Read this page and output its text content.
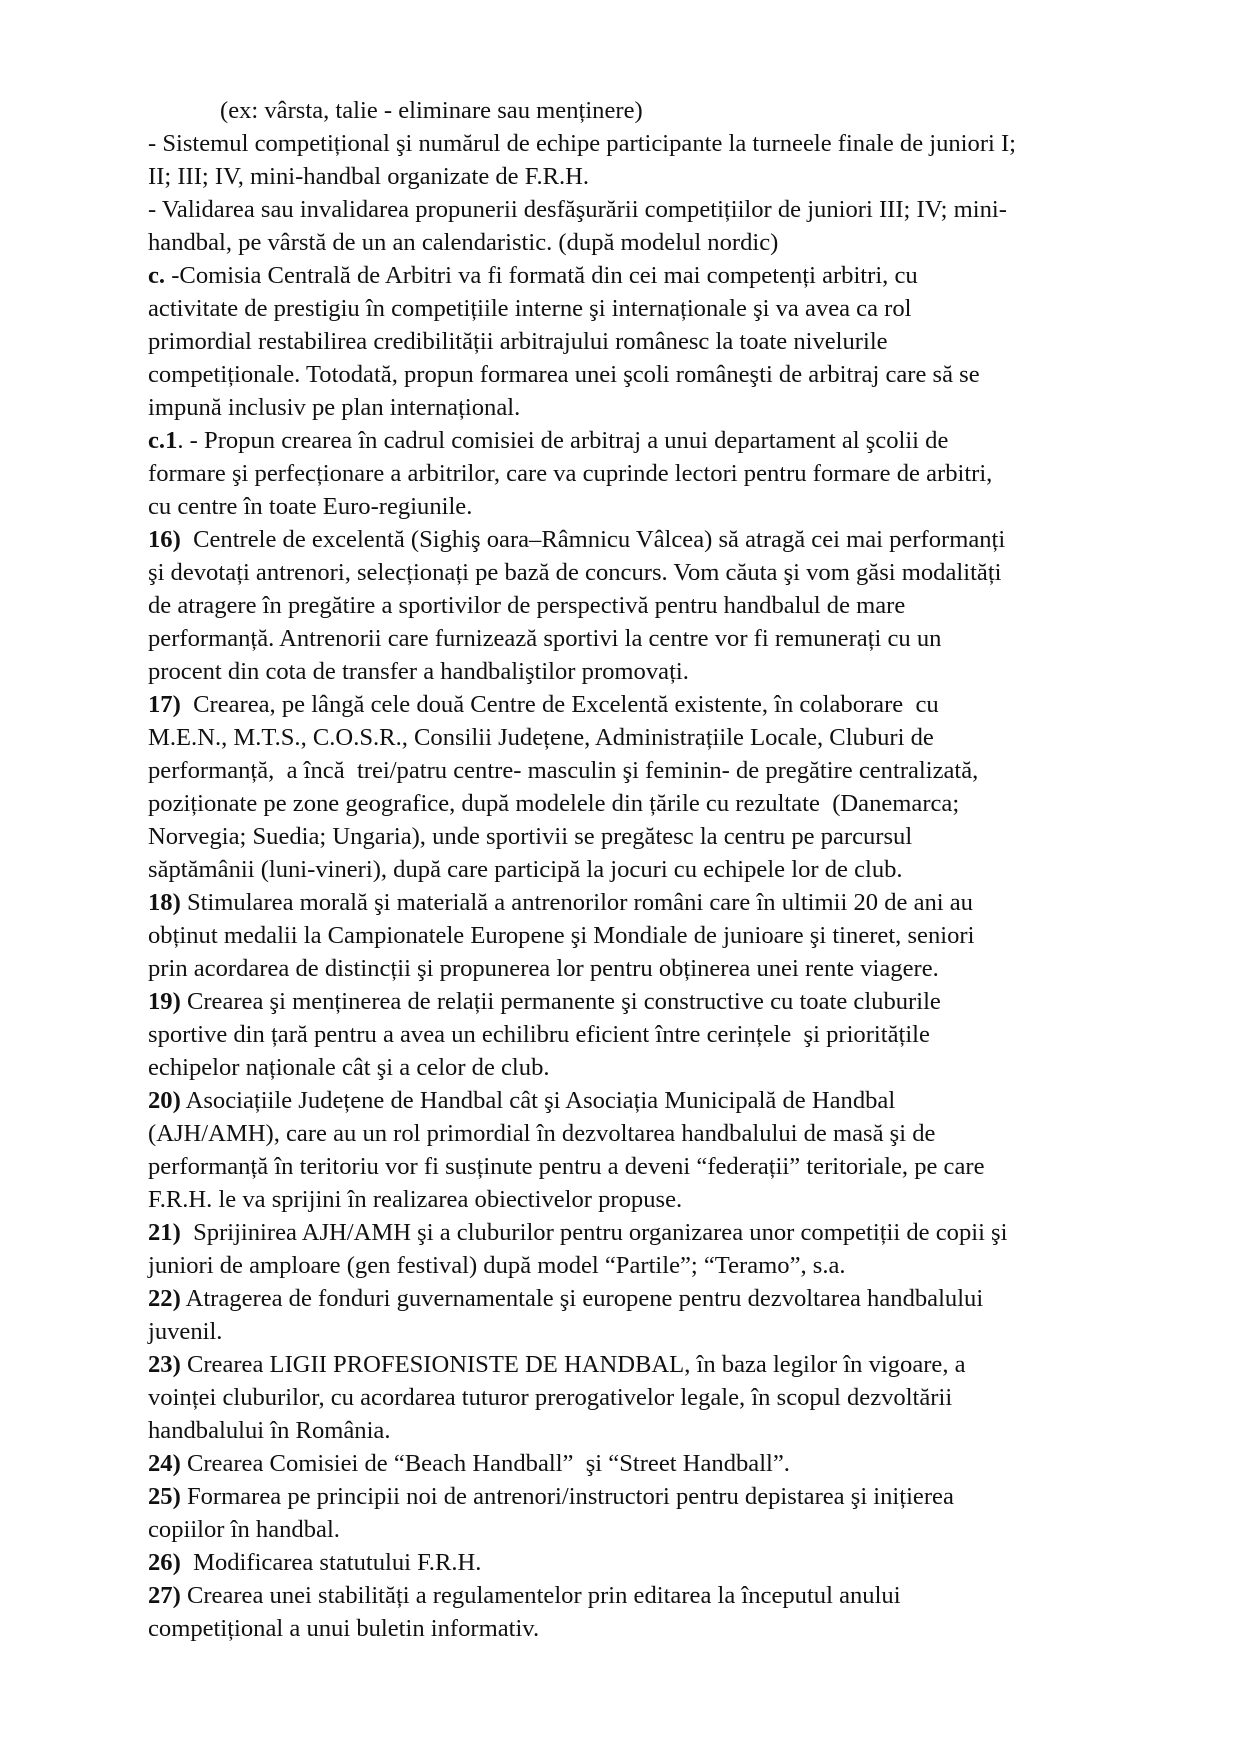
(ex: vârsta, talie - eliminare sau menținere)
- Sistemul competițional şi numărul de echipe participante la turneele finale de juniori I;
II; III; IV, mini-handbal organizate de F.R.H.
- Validarea sau invalidarea propunerii desfăşurării competițiilor de juniori III; IV; mini-
handbal, pe vârstă de un an calendaristic. (după modelul nordic)
c. -Comisia Centrală de Arbitri va fi formată din cei mai competenți arbitri, cu
activitate de prestigiu în competițiile interne şi internaționale şi va avea ca rol
primordial restabilirea credibilității arbitrajului românesc la toate nivelurile
competiționale. Totodată, propun formarea unei şcoli româneşti de arbitraj care să se
impună inclusiv pe plan internațional.
c.1. - Propun crearea în cadrul comisiei de arbitraj a unui departament al şcolii de
formare şi perfecționare a arbitrilor, care va cuprinde lectori pentru formare de arbitri,
cu centre în toate Euro-regiunile.
16)  Centrele de excelentă (Sighiş oara–Râmnicu Vâlcea) să atragă cei mai performanți
şi devotați antrenori, selecționați pe bază de concurs. Vom căuta şi vom găsi modalități
de atragere în pregătire a sportivilor de perspectivă pentru handbalul de mare
performanță. Antrenorii care furnizează sportivi la centre vor fi remunerați cu un
procent din cota de transfer a handbaliştilor promovați.
17)  Crearea, pe lângă cele două Centre de Excelentă existente, în colaborare  cu
M.E.N., M.T.S., C.O.S.R., Consilii Județene, Administrațiile Locale, Cluburi de
performanță,  a încă  trei/patru centre- masculin şi feminin- de pregătire centralizată,
poziționate pe zone geografice, după modelele din țările cu rezultate  (Danemarca;
Norvegia; Suedia; Ungaria), unde sportivii se pregătesc la centru pe parcursul
săptămânii (luni-vineri), după care participă la jocuri cu echipele lor de club.
18) Stimularea morală şi materială a antrenorilor români care în ultimii 20 de ani au
obținut medalii la Campionatele Europene şi Mondiale de junioare şi tineret, seniori
prin acordarea de distincții şi propunerea lor pentru obținerea unei rente viagere.
19) Crearea şi menținerea de relații permanente şi constructive cu toate cluburile
sportive din țară pentru a avea un echilibru eficient între cerințele  şi prioritățile
echipelor naționale cât şi a celor de club.
20) Asociațiile Județene de Handbal cât şi Asociația Municipală de Handbal
(AJH/AMH), care au un rol primordial în dezvoltarea handbalului de masă şi de
performanță în teritoriu vor fi susținute pentru a deveni “federații” teritoriale, pe care
F.R.H. le va sprijini în realizarea obiectivelor propuse.
21)  Sprijinirea AJH/AMH şi a cluburilor pentru organizarea unor competiții de copii şi
juniori de amploare (gen festival) după model “Partile”; “Teramo”, s.a.
22) Atragerea de fonduri guvernamentale şi europene pentru dezvoltarea handbalului
juvenil.
23) Crearea LIGII PROFESIONISTE DE HANDBAL, în baza legilor în vigoare, a
voinței cluburilor, cu acordarea tuturor prerogativelor legale, în scopul dezvoltării
handbalului în România.
24) Crearea Comisiei de “Beach Handball”  şi “Street Handball”.
25) Formarea pe principii noi de antrenori/instructori pentru depistarea şi inițierea
copiilor în handbal.
26)  Modificarea statutului F.R.H.
27) Crearea unei stabilități a regulamentelor prin editarea la începutul anului
competițional a unui buletin informativ.
